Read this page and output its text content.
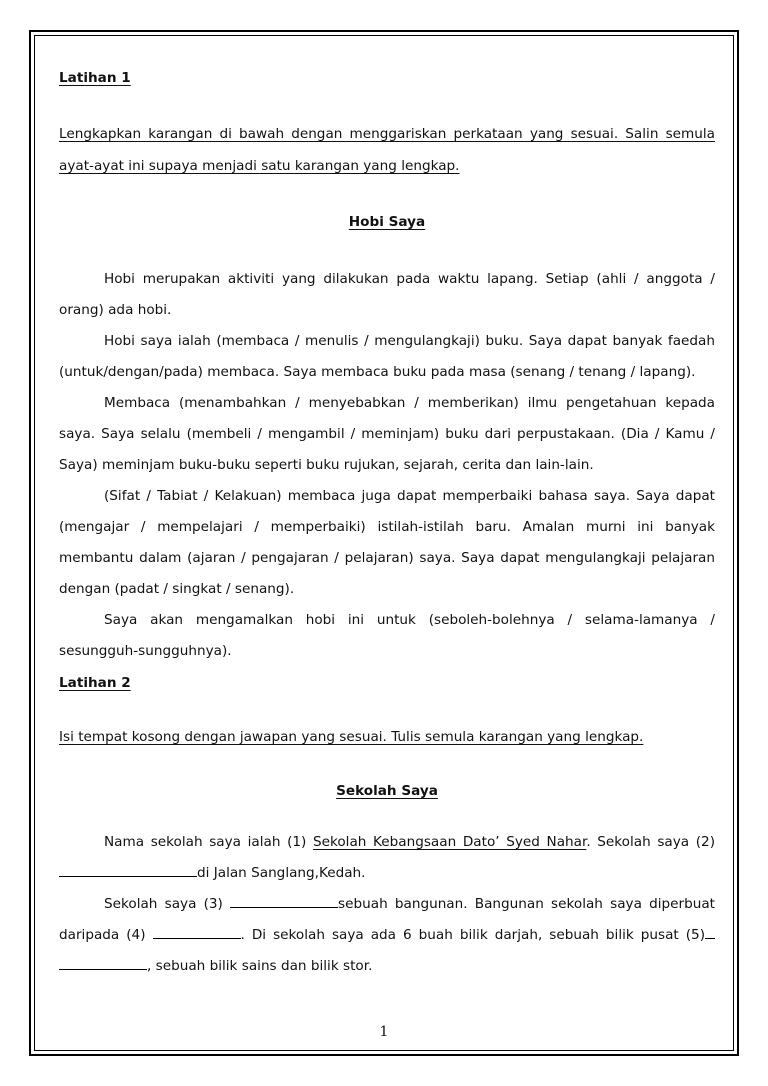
Latihan 1

Lengkapkan karangan di bawah dengan menggariskan perkataan yang sesuai. Salin semula ayat-ayat ini supaya menjadi satu karangan yang lengkap.

Hobi Saya

Hobi merupakan aktiviti yang dilakukan pada waktu lapang. Setiap (ahli / anggota / orang) ada hobi.

Hobi saya ialah (membaca / menulis / mengulangkaji) buku. Saya dapat banyak faedah (untuk/dengan/pada) membaca. Saya membaca buku pada masa (senang / tenang / lapang).

Membaca (menambahkan / menyebabkan / memberikan) ilmu pengetahuan kepada saya. Saya selalu (membeli / mengambil / meminjam) buku dari perpustakaan. (Dia / Kamu / Saya) meminjam buku-buku seperti buku rujukan, sejarah, cerita dan lain-lain.

(Sifat / Tabiat / Kelakuan) membaca juga dapat memperbaiki bahasa saya. Saya dapat (mengajar / mempelajari / memperbaiki) istilah-istilah baru. Amalan murni ini banyak membantu dalam (ajaran / pengajaran / pelajaran) saya. Saya dapat mengulangkaji pelajaran dengan (padat / singkat / senang).

Saya akan mengamalkan hobi ini untuk (seboleh-bolehnya / selama-lamanya / sesungguh-sungguhnya).

Latihan 2

Isi tempat kosong dengan jawapan yang sesuai. Tulis semula karangan yang lengkap.

Sekolah Saya

Nama sekolah saya ialah (1) Sekolah Kebangsaan Dato’ Syed Nahar. Sekolah saya (2) di Jalan Sanglang,Kedah.

Sekolah saya (3)	sebuah bangunan. Bangunan sekolah saya diperbuat daripada (4)	. Di sekolah saya ada 6 buah bilik darjah, sebuah bilik pusat (5) , sebuah bilik sains dan bilik stor.

1
